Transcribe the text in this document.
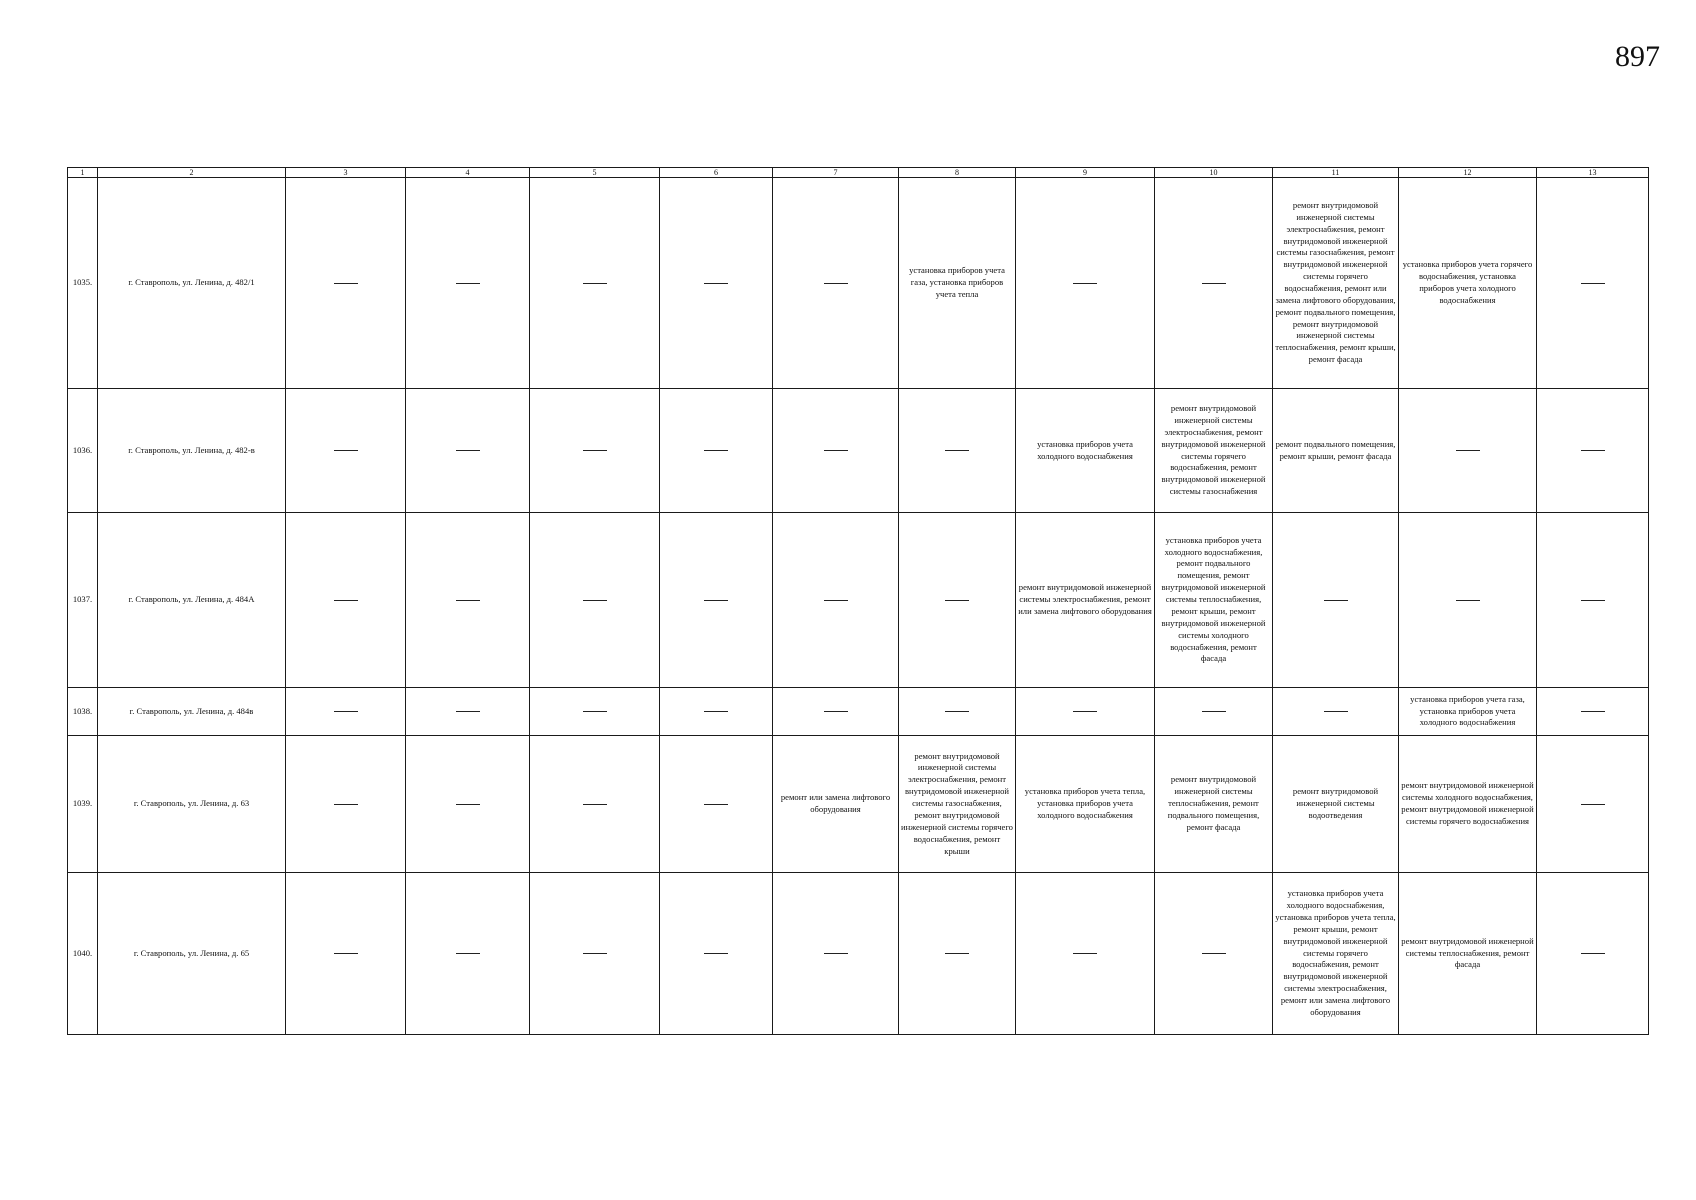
897
1	2	3	4	5	6	7	8	9	10	11	12	13
1035.	г. Ставрополь, ул. Ленина, д. 482/1						установка приборов учета газа, установка приборов учета тепла			ремонт внутридомовой инженерной системы электроснабжения, ремонт внутридомовой инженерной системы газоснабжения, ремонт внутридомовой инженерной системы горячего водоснабжения, ремонт или замена лифтового оборудования, ремонт подвального помещения, ремонт внутридомовой инженерной системы теплоснабжения, ремонт крыши, ремонт фасада	установка приборов учета горячего водоснабжения, установка приборов учета холодного водоснабжения	
1036.	г. Ставрополь, ул. Ленина, д. 482-в							установка приборов учета холодного водоснабжения	ремонт внутридомовой инженерной системы электроснабжения, ремонт внутридомовой инженерной системы горячего водоснабжения, ремонт внутридомовой инженерной системы газоснабжения	ремонт подвального помещения, ремонт крыши, ремонт фасада		
1037.	г. Ставрополь, ул. Ленина, д. 484А							ремонт внутридомовой инженерной системы электроснабжения, ремонт или замена лифтового оборудования	установка приборов учета холодного водоснабжения, ремонт подвального помещения, ремонт внутридомовой инженерной системы теплоснабжения, ремонт крыши, ремонт внутридомовой инженерной системы холодного водоснабжения, ремонт фасада			
1038.	г. Ставрополь, ул. Ленина, д. 484в										установка приборов учета газа, установка приборов учета холодного водоснабжения	
1039.	г. Ставрополь, ул. Ленина, д. 63					ремонт или замена лифтового оборудования	ремонт внутридомовой инженерной системы электроснабжения, ремонт внутридомовой инженерной системы газоснабжения, ремонт внутридомовой инженерной системы горячего водоснабжения, ремонт крыши	установка приборов учета тепла, установка приборов учета холодного водоснабжения	ремонт внутридомовой инженерной системы теплоснабжения, ремонт подвального помещения, ремонт фасада	ремонт внутридомовой инженерной системы водоотведения	ремонт внутридомовой инженерной системы холодного водоснабжения, ремонт внутридомовой инженерной системы горячего водоснабжения	
1040.	г. Ставрополь, ул. Ленина, д. 65									установка приборов учета холодного водоснабжения, установка приборов учета тепла, ремонт крыши, ремонт внутридомовой инженерной системы горячего водоснабжения, ремонт внутридомовой инженерной системы электроснабжения, ремонт или замена лифтового оборудования	ремонт внутридомовой инженерной системы теплоснабжения, ремонт фасада	
